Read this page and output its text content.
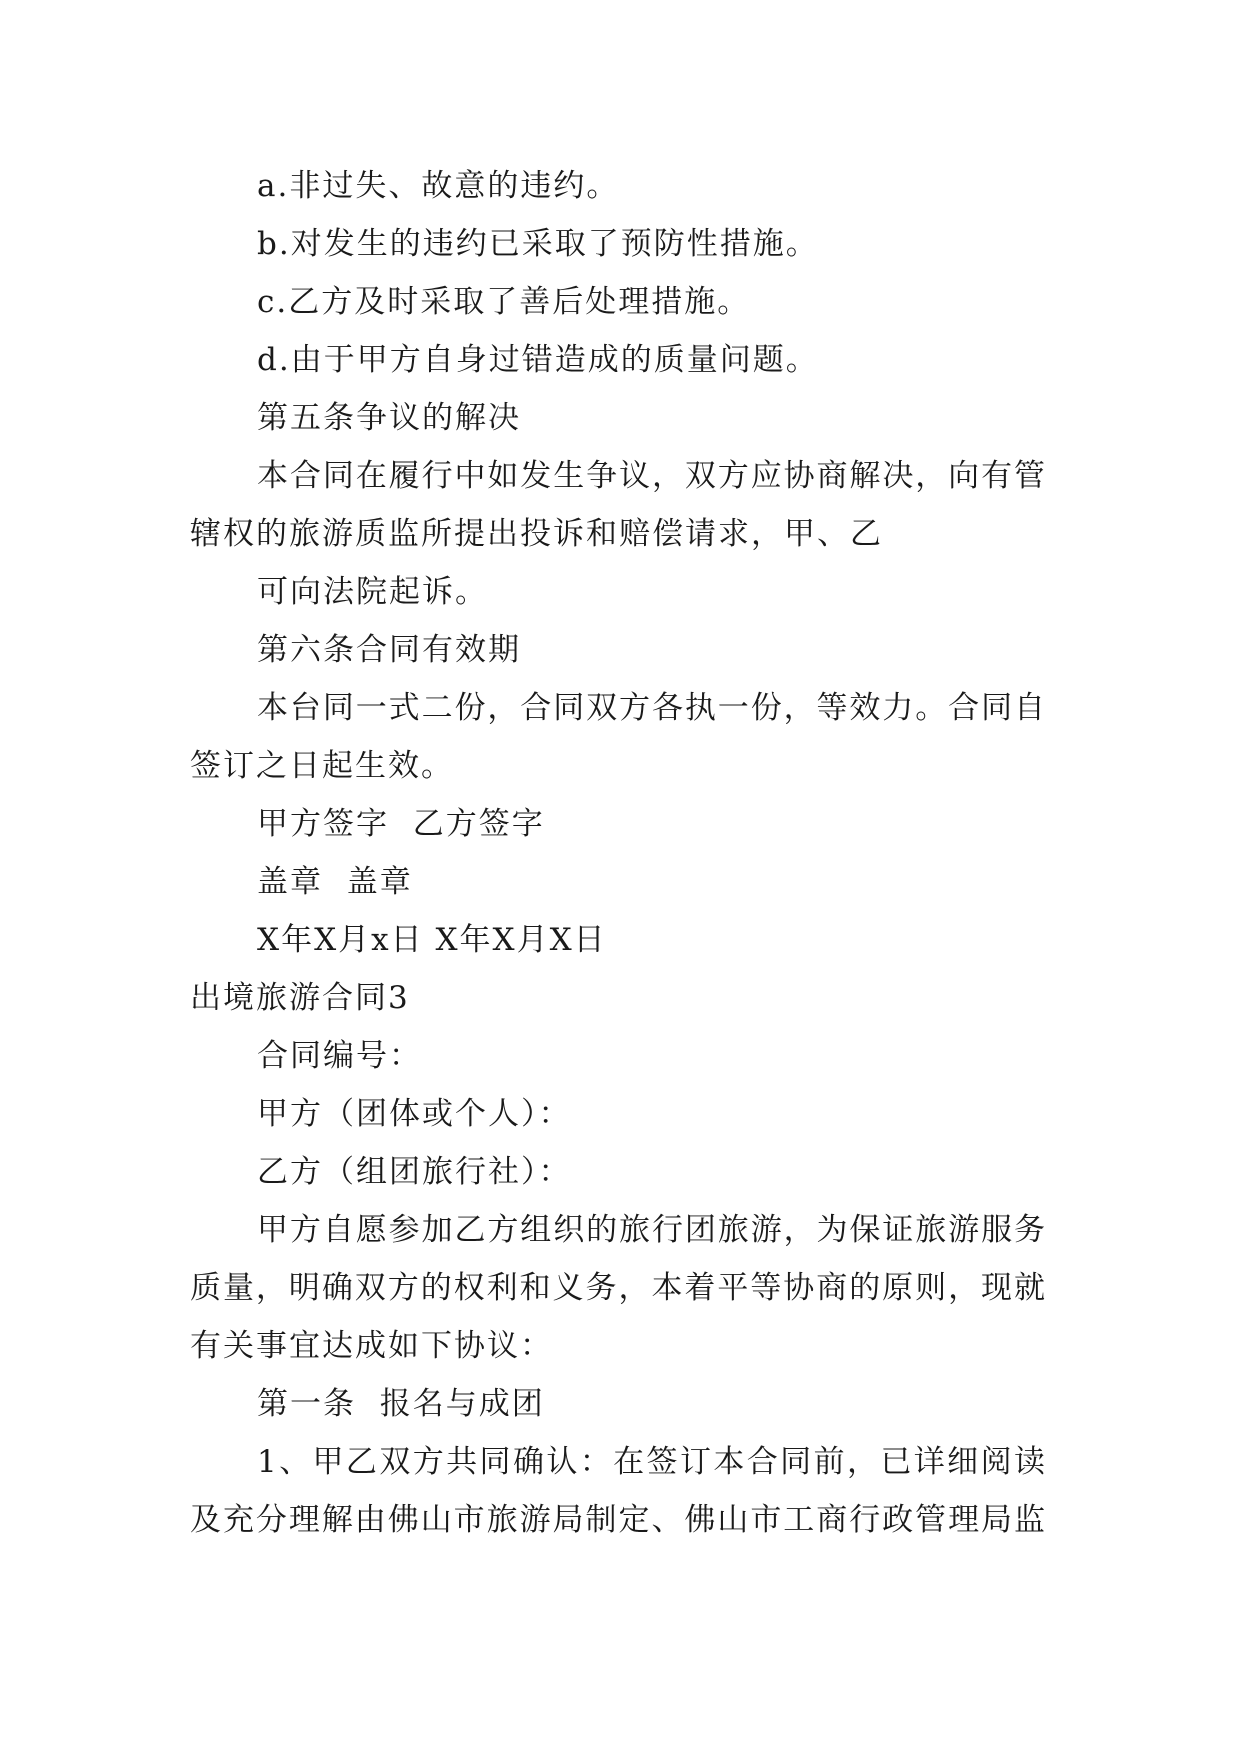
a.非过失、故意的违约。
b.对发生的违约已采取了预防性措施。
c.乙方及时采取了善后处理措施。
d.由于甲方自身过错造成的质量问题。
第五条争议的解决
本合同在履行中如发生争议，双方应协商解决，向有管
辖权的旅游质监所提出投诉和赔偿请求，甲、乙
可向法院起诉。
第六条合同有效期
本台同一式二份，合同双方各执一份，等效力。合同自
签订之日起生效。
甲方签字  乙方签字
盖章  盖章
X年X月x日 X年X月X日
出境旅游合同3
合同编号：
甲方（团体或个人）：
乙方（组团旅行社）：
甲方自愿参加乙方组织的旅行团旅游，为保证旅游服务
质量，明确双方的权利和义务，本着平等协商的原则，现就
有关事宜达成如下协议：
第一条  报名与成团
1、甲乙双方共同确认：在签订本合同前，已详细阅读
及充分理解由佛山市旅游局制定、佛山市工商行政管理局监
